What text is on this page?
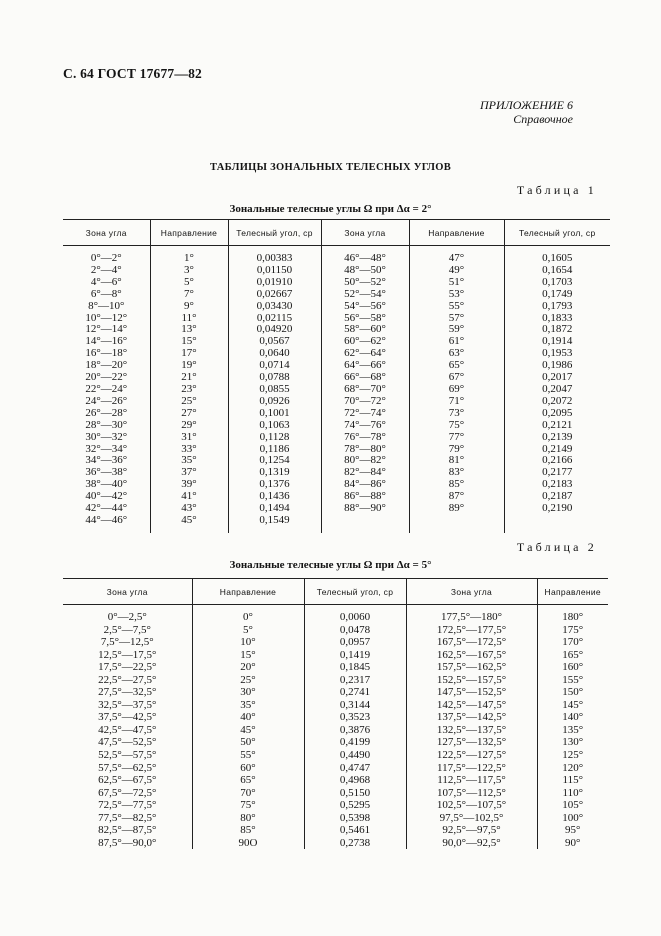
С. 64 ГОСТ 17677—82
ПРИЛОЖЕНИЕ 6
Справочное
ТАБЛИЦЫ ЗОНАЛЬНЫХ ТЕЛЕСНЫХ УГЛОВ
Таблица 1
Зональные телесные углы Ω при Δα = 2°
Зона угла	Направление	Телесный угол, ср	Зона угла	Направление	Телесный угол, ср

0°—2°	1°	0,00383	46°—48°	47°	0,1605
2°—4°	3°	0,01150	48°—50°	49°	0,1654
4°—6°	5°	0,01910	50°—52°	51°	0,1703
6°—8°	7°	0,02667	52°—54°	53°	0,1749
8°—10°	9°	0,03430	54°—56°	55°	0,1793
10°—12°	11°	0,02115	56°—58°	57°	0,1833
12°—14°	13°	0,04920	58°—60°	59°	0,1872
14°—16°	15°	0,0567	60°—62°	61°	0,1914
16°—18°	17°	0,0640	62°—64°	63°	0,1953
18°—20°	19°	0,0714	64°—66°	65°	0,1986
20°—22°	21°	0,0788	66°—68°	67°	0,2017
22°—24°	23°	0,0855	68°—70°	69°	0,2047
24°—26°	25°	0,0926	70°—72°	71°	0,2072
26°—28°	27°	0,1001	72°—74°	73°	0,2095
28°—30°	29°	0,1063	74°—76°	75°	0,2121
30°—32°	31°	0,1128	76°—78°	77°	0,2139
32°—34°	33°	0,1186	78°—80°	79°	0,2149
34°—36°	35°	0,1254	80°—82°	81°	0,2166
36°—38°	37°	0,1319	82°—84°	83°	0,2177
38°—40°	39°	0,1376	84°—86°	85°	0,2183
40°—42°	41°	0,1436	86°—88°	87°	0,2187
42°—44°	43°	0,1494	88°—90°	89°	0,2190
44°—46°	45°	0,1549			

Таблица 2
Зональные телесные углы Ω при Δα = 5°
Зона угла	Направление	Телесный угол, ср	Зона угла	Направление

0°—2,5°	0°	0,0060	177,5°—180°	180°
2,5°—7,5°	5°	0,0478	172,5°—177,5°	175°
7,5°—12,5°	10°	0,0957	167,5°—172,5°	170°
12,5°—17,5°	15°	0,1419	162,5°—167,5°	165°
17,5°—22,5°	20°	0,1845	157,5°—162,5°	160°
22,5°—27,5°	25°	0,2317	152,5°—157,5°	155°
27,5°—32,5°	30°	0,2741	147,5°—152,5°	150°
32,5°—37,5°	35°	0,3144	142,5°—147,5°	145°
37,5°—42,5°	40°	0,3523	137,5°—142,5°	140°
42,5°—47,5°	45°	0,3876	132,5°—137,5°	135°
47,5°—52,5°	50°	0,4199	127,5°—132,5°	130°
52,5°—57,5°	55°	0,4490	122,5°—127,5°	125°
57,5°—62,5°	60°	0,4747	117,5°—122,5°	120°
62,5°—67,5°	65°	0,4968	112,5°—117,5°	115°
67,5°—72,5°	70°	0,5150	107,5°—112,5°	110°
72,5°—77,5°	75°	0,5295	102,5°—107,5°	105°
77,5°—82,5°	80°	0,5398	97,5°—102,5°	100°
82,5°—87,5°	85°	0,5461	92,5°—97,5°	95°
87,5°—90,0°	90О	0,2738	90,0°—92,5°	90°
